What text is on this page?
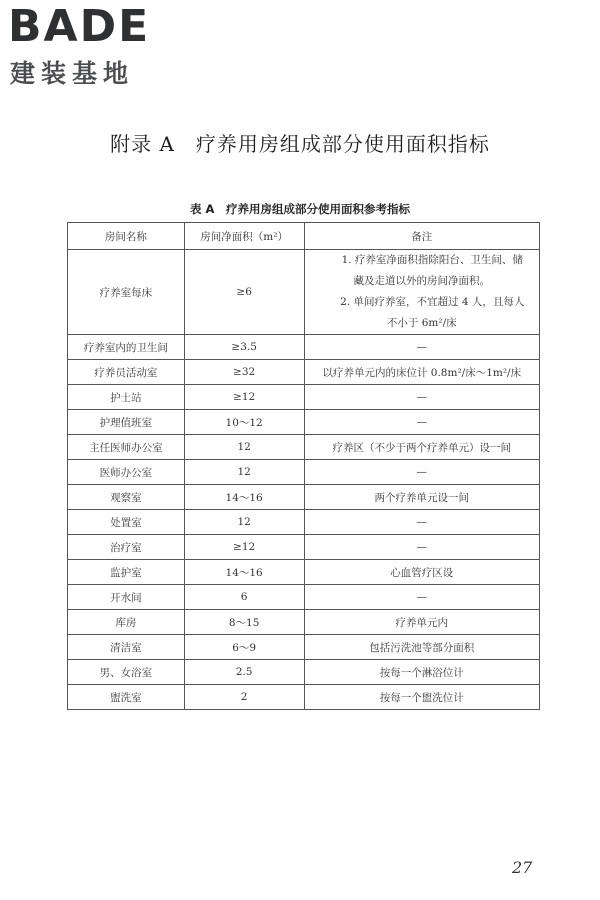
BADE
建装基地
附录 A　疗养用房组成部分使用面积指标
表 A　疗养用房组成部分使用面积参考指标
房间名称	房间净面积（m²）	备注
疗养室每床	≥6	1. 疗养室净面积指除阳台、卫生间、储
藏及走道以外的房间净面积。
2. 单间疗养室，不宜超过 4 人，且每人
不小于 6m²/床

疗养室内的卫生间	≥3.5	—
疗养员活动室	≥32	以疗养单元内的床位计 0.8m²/床～1m²/床
护士站	≥12	—
护理值班室	10～12	—
主任医师办公室	12	疗养区（不少于两个疗养单元）设一间
医师办公室	12	—
观察室	14～16	两个疗养单元设一间
处置室	12	—
治疗室	≥12	—
监护室	14～16	心血管疗区设
开水间	6	—
库房	8～15	疗养单元内
清洁室	6～9	包括污洗池等部分面积
男、女浴室	2.5	按每一个淋浴位计
盥洗室	2	按每一个盥洗位计
27
